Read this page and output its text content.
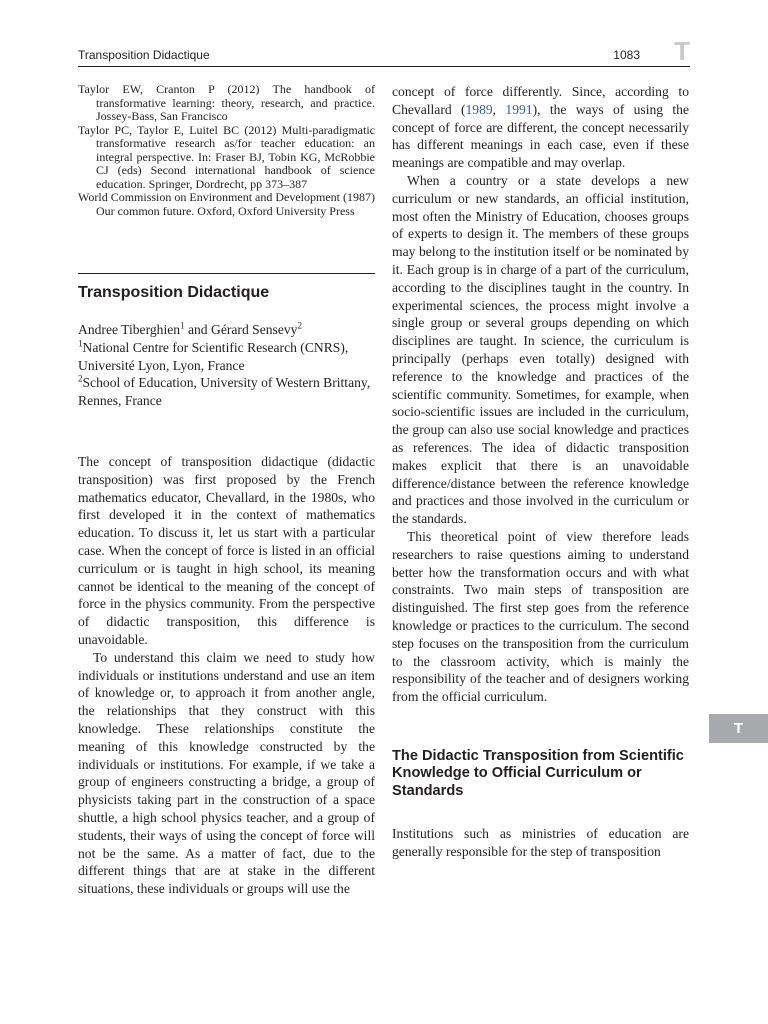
Transposition Didactique	1083 T
T

Taylor EW, Cranton P (2012) The handbook of transformative learning: theory, research, and practice. Jossey-Bass, San Francisco

Taylor PC, Taylor E, Luitel BC (2012) Multi-paradigmatic transformative research as/for teacher education: an integral perspective. In: Fraser BJ, Tobin KG, McRobbie CJ (eds) Second international handbook of science education. Springer, Dordrecht, pp 373–387

World Commission on Environment and Development (1987) Our common future. Oxford, Oxford University Press

Transposition Didactique
Andree Tiberghien$^1$ and Gérard Sensevy$^2$
$^1$National Centre for Scientific Research (CNRS), Université Lyon, Lyon, France
$^2$School of Education, University of Western Brittany, Rennes, France

The concept of transposition didactique (didactic transposition) was first proposed by the French mathematics educator, Chevallard, in the 1980s, who first developed it in the context of mathematics education. To discuss it, let us start with a particular case. When the concept of force is listed in an official curriculum or is taught in high school, its meaning cannot be identical to the meaning of the concept of force in the physics community. From the perspective of didactic transposition, this difference is unavoidable.

To understand this claim we need to study how individuals or institutions understand and use an item of knowledge or, to approach it from another angle, the relationships that they construct with this knowledge. These relationships constitute the meaning of this knowledge constructed by the individuals or institutions. For example, if we take a group of engineers constructing a bridge, a group of physicists taking part in the construction of a space shuttle, a high school physics teacher, and a group of students, their ways of using the concept of force will not be the same. As a matter of fact, due to the different things that are at stake in the different situations, these individuals or groups will use the

concept of force differently. Since, according to Chevallard (1989, 1991), the ways of using the concept of force are different, the concept necessarily has different meanings in each case, even if these meanings are compatible and may overlap.

When a country or a state develops a new curriculum or new standards, an official institution, most often the Ministry of Education, chooses groups of experts to design it. The members of these groups may belong to the institution itself or be nominated by it. Each group is in charge of a part of the curriculum, according to the disciplines taught in the country. In experimental sciences, the process might involve a single group or several groups depending on which disciplines are taught. In science, the curriculum is principally (perhaps even totally) designed with reference to the knowledge and practices of the scientific community. Sometimes, for example, when socio-scientific issues are included in the curriculum, the group can also use social knowledge and practices as references. The idea of didactic transposition makes explicit that there is an unavoidable difference/distance between the reference knowledge and practices and those involved in the curriculum or the standards.

This theoretical point of view therefore leads researchers to raise questions aiming to understand better how the transformation occurs and with what constraints. Two main steps of transposition are distinguished. The first step goes from the reference knowledge or practices to the curriculum. The second step focuses on the transposition from the curriculum to the classroom activity, which is mainly the responsibility of the teacher and of designers working from the official curriculum.

The Didactic Transposition from Scientific Knowledge to Official Curriculum or Standards

Institutions such as ministries of education are generally responsible for the step of transposition
